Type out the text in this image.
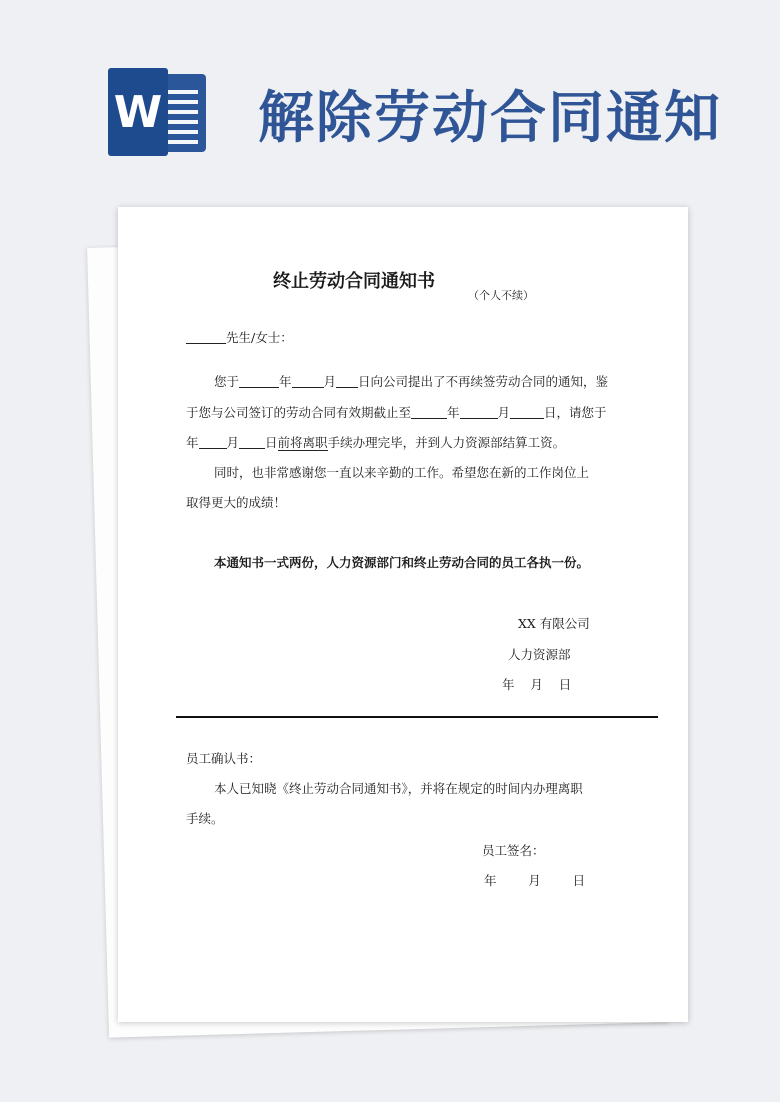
W 解除劳动合同通知
终止劳动合同通知书
（个人不续）
先生/女士：
您于	年	月 日向公司提出了不再续签劳动合同的通知，鉴
于您与公司签订的劳动合同有效期截止至	年	月	日，请您于
年 月 日前将离职手续办理完毕，并到人力资源部结算工资。
同时，也非常感谢您一直以来辛勤的工作。希望您在新的工作岗位上
取得更大的成绩！
本通知书一式两份，人力资源部门和终止劳动合同的员工各执一份。
XX 有限公司
人力资源部
年    月    日
员工确认书：
本人已知晓《终止劳动合同通知书》，并将在规定的时间内办理离职
手续。
员工签名：
年        月        日
